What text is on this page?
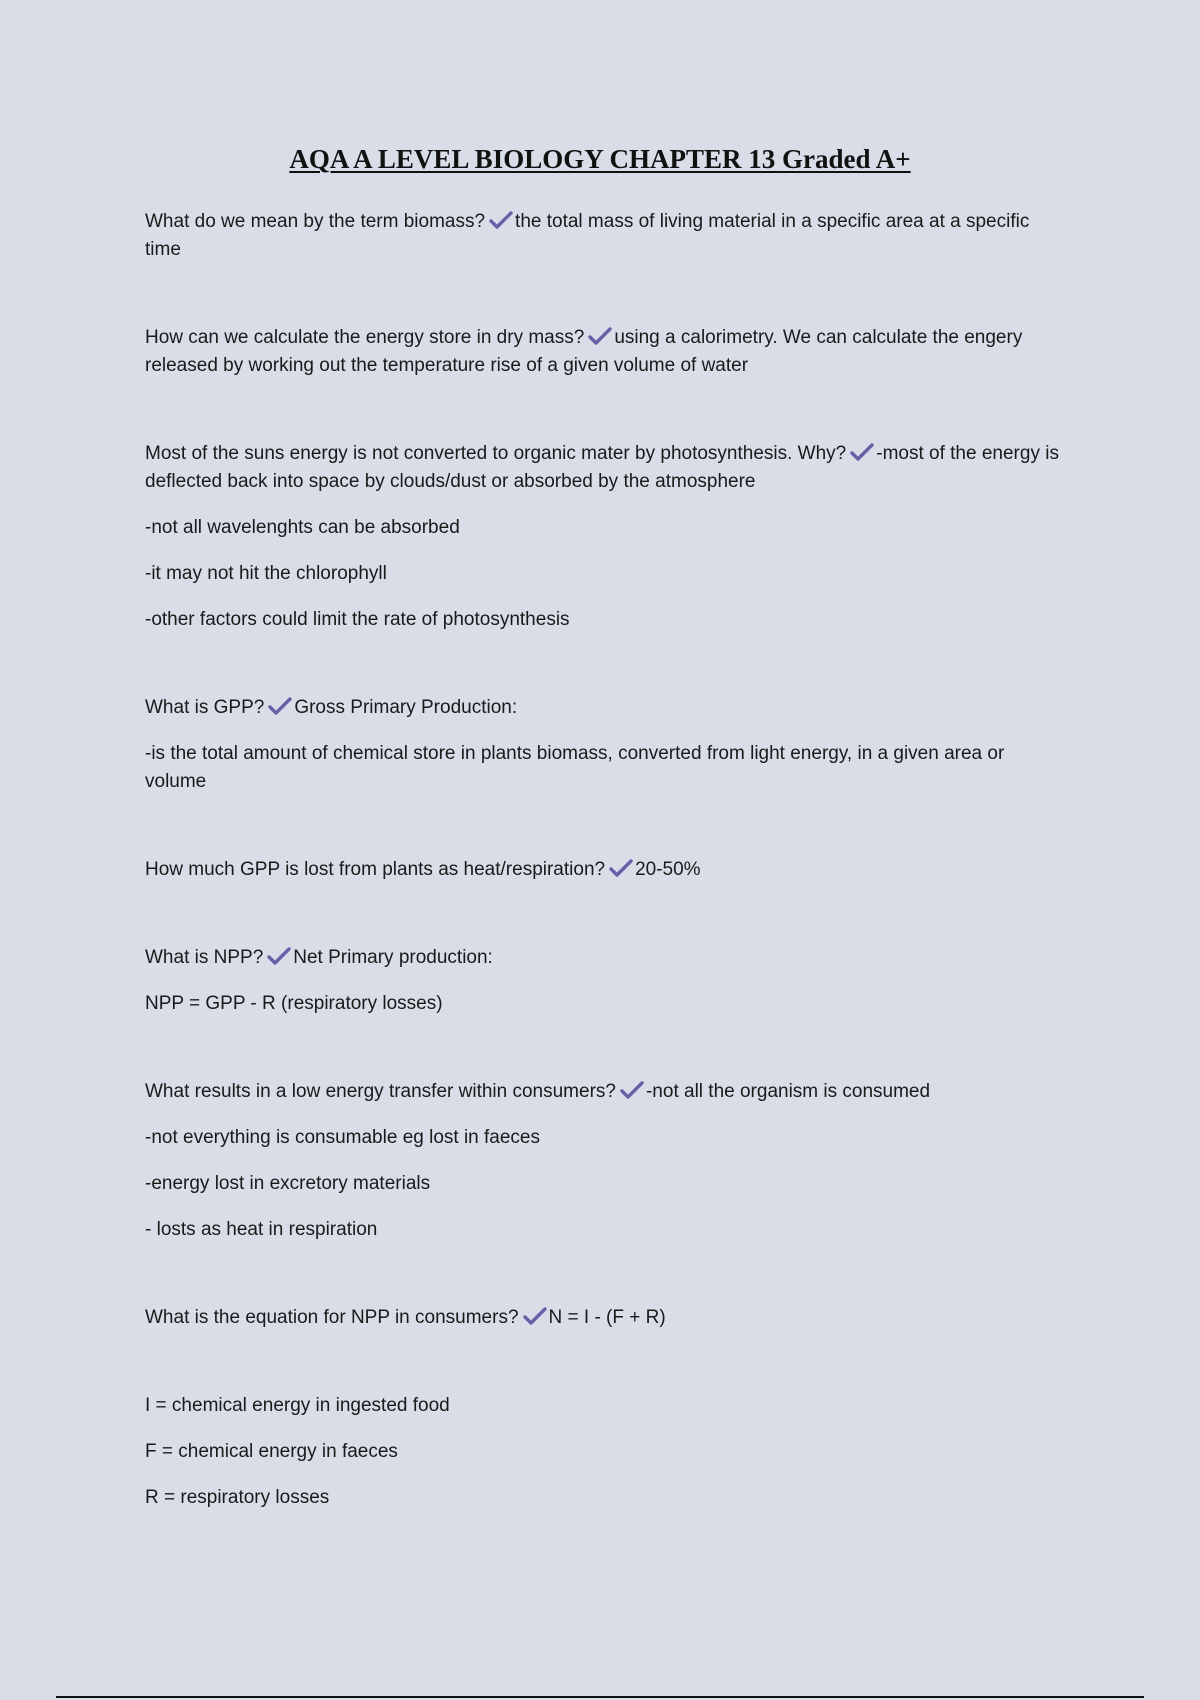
AQA A LEVEL BIOLOGY CHAPTER 13 Graded A+

What do we mean by the term biomass? the total mass of living material in a specific area at a specific time

How can we calculate the energy store in dry mass? using a calorimetry. We can calculate the engery released by working out the temperature rise of a given volume of water

Most of the suns energy is not converted to organic mater by photosynthesis. Why? -most of the energy is deflected back into space by clouds/dust or absorbed by the atmosphere

-not all wavelenghts can be absorbed

-it may not hit the chlorophyll

-other factors could limit the rate of photosynthesis

What is GPP? Gross Primary Production:

-is the total amount of chemical store in plants biomass, converted from light energy, in a given area or volume

How much GPP is lost from plants as heat/respiration? 20-50%

What is NPP? Net Primary production:

NPP = GPP - R (respiratory losses)

What results in a low energy transfer within consumers? -not all the organism is consumed

-not everything is consumable eg lost in faeces

-energy lost in excretory materials

- losts as heat in respiration

What is the equation for NPP in consumers? N = I - (F + R)

I = chemical energy in ingested food

F = chemical energy in faeces

R = respiratory losses
